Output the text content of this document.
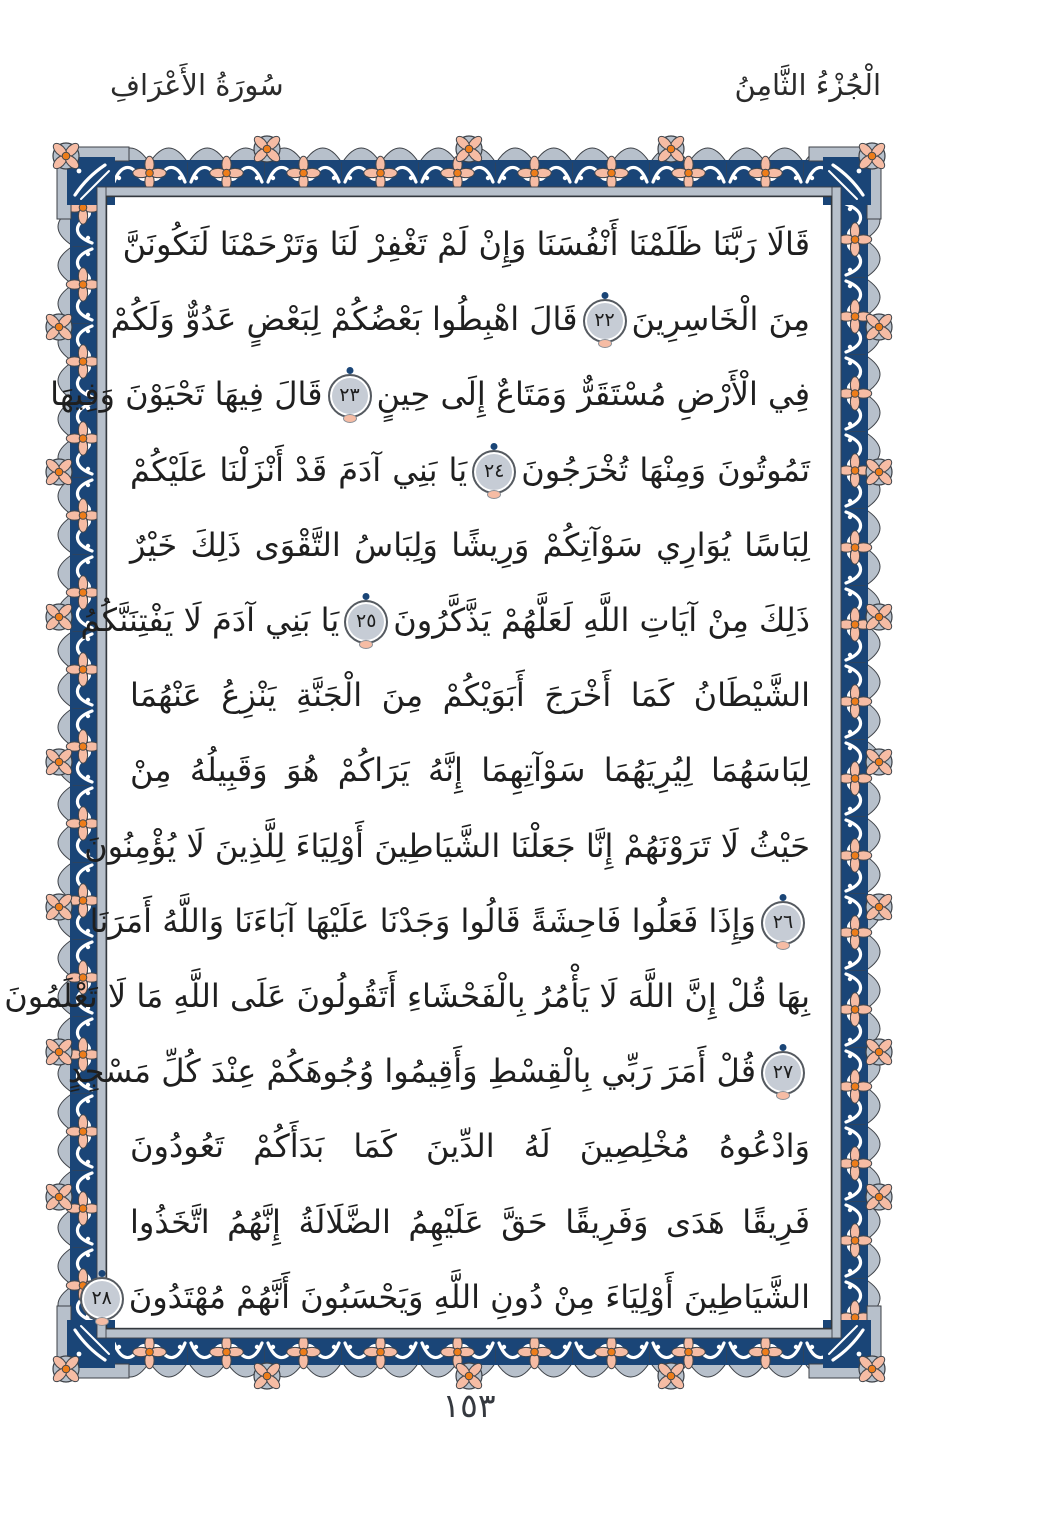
سُورَةُ الأَعْرَافِ	الْجُزْءُ الثَّامِنُ
قَالَا رَبَّنَا ظَلَمْنَا أَنْفُسَنَا وَإِنْ لَمْ تَغْفِرْ لَنَا وَتَرْحَمْنَا لَنَكُونَنَّ
مِنَ الْخَاسِرِينَ٢٢قَالَ اهْبِطُوا بَعْضُكُمْ لِبَعْضٍ عَدُوٌّ وَلَكُمْ
فِي الْأَرْضِ مُسْتَقَرٌّ وَمَتَاعٌ إِلَى حِينٍ٢٣قَالَ فِيهَا تَحْيَوْنَ وَفِيهَا
تَمُوتُونَ وَمِنْهَا تُخْرَجُونَ٢٤يَا بَنِي آدَمَ قَدْ أَنْزَلْنَا عَلَيْكُمْ
لِبَاسًا يُوَارِي سَوْآتِكُمْ وَرِيشًا وَلِبَاسُ التَّقْوَى ذَلِكَ خَيْرٌ
ذَلِكَ مِنْ آيَاتِ اللَّهِ لَعَلَّهُمْ يَذَّكَّرُونَ٢٥يَا بَنِي آدَمَ لَا يَفْتِنَنَّكُمُ
الشَّيْطَانُ كَمَا أَخْرَجَ أَبَوَيْكُمْ مِنَ الْجَنَّةِ يَنْزِعُ عَنْهُمَا
لِبَاسَهُمَا لِيُرِيَهُمَا سَوْآتِهِمَا إِنَّهُ يَرَاكُمْ هُوَ وَقَبِيلُهُ مِنْ
حَيْثُ لَا تَرَوْنَهُمْ إِنَّا جَعَلْنَا الشَّيَاطِينَ أَوْلِيَاءَ لِلَّذِينَ لَا يُؤْمِنُونَ
٢٦وَإِذَا فَعَلُوا فَاحِشَةً قَالُوا وَجَدْنَا عَلَيْهَا آبَاءَنَا وَاللَّهُ أَمَرَنَا
بِهَا قُلْ إِنَّ اللَّهَ لَا يَأْمُرُ بِالْفَحْشَاءِ أَتَقُولُونَ عَلَى اللَّهِ مَا لَا تَعْلَمُونَ
٢٧قُلْ أَمَرَ رَبِّي بِالْقِسْطِ وَأَقِيمُوا وُجُوهَكُمْ عِنْدَ كُلِّ مَسْجِدٍ
وَادْعُوهُ مُخْلِصِينَ لَهُ الدِّينَ كَمَا بَدَأَكُمْ تَعُودُونَ
فَرِيقًا هَدَى وَفَرِيقًا حَقَّ عَلَيْهِمُ الضَّلَالَةُ إِنَّهُمُ اتَّخَذُوا
الشَّيَاطِينَ أَوْلِيَاءَ مِنْ دُونِ اللَّهِ وَيَحْسَبُونَ أَنَّهُمْ مُهْتَدُونَ٢٨
١٥٣
